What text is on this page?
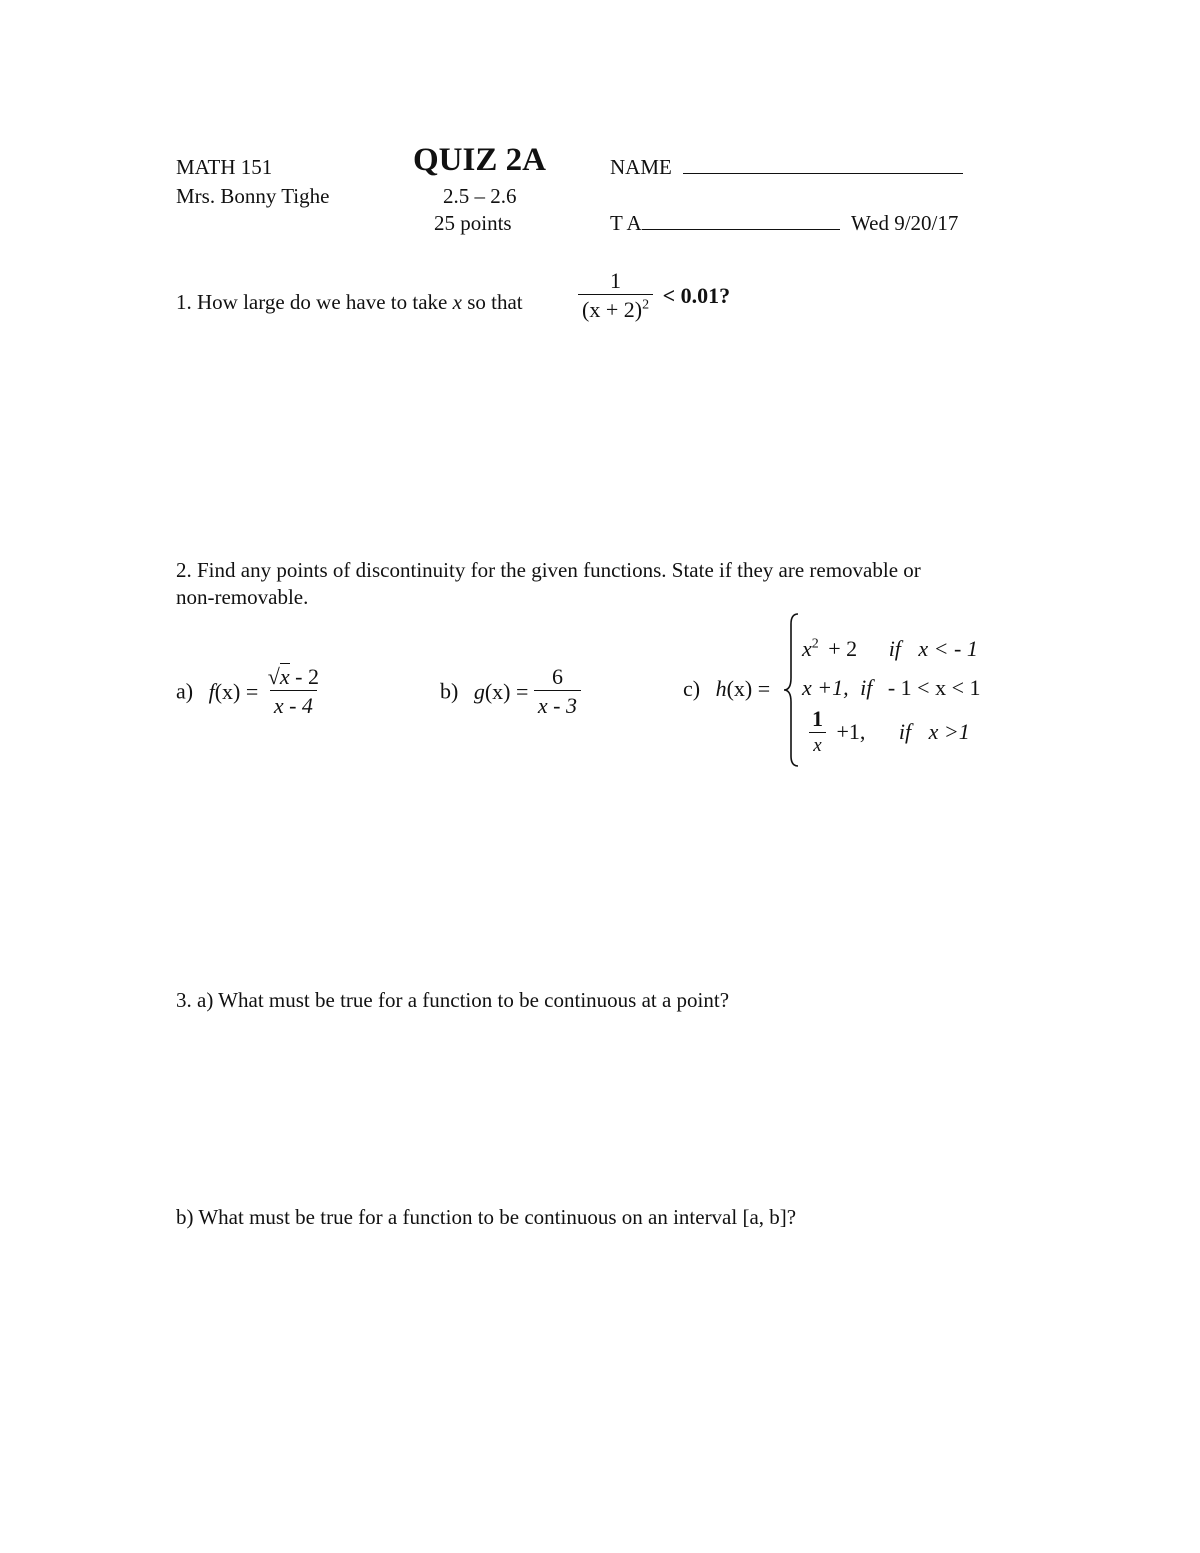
MATH 151
Mrs. Bonny Tighe
QUIZ 2A
2.5 – 2.6
25 points
NAME
T A	Wed 9/20/17
1. How large do we have to take x so that	$\frac{1}{(x + 2)^2} < 0.01$?
2. Find any points of discontinuity for the given functions. State if they are removable or
non-removable.
a) $f(x) = \frac{√x - 2}{x - 4}$	b) $g(x) = \frac{6}{x - 3}$	c) h(x) =
$x^2 + 2$ if x < - 1
x +1, if - 1 < x < 1
$\frac{1}{x} +1$, if x >1
3. a) What must be true for a function to be continuous at a point?
b) What must be true for a function to be continuous on an interval [a, b]?
